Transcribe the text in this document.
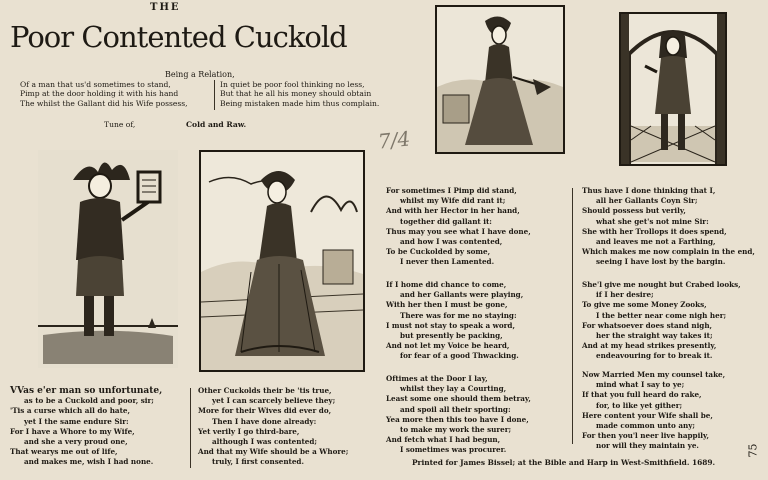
THE
Poor Contented Cuckold
Being a Relation,
Of a man that us'd sometimes to stand,
Pimp at the door holding it with his hand
The whilst the Gallant did his Wife possess,
In quiet be poor fool thinking no less,
But that he all his money should obtain
Being mistaken made him thus complain.
Tune of,	Cold and Raw.
7/4
For sometimes I Pimp did stand,
whilst my Wife did rant it;
And with her Hector in her hand,
together did gallant it:
Thus may you see what I have done,
and how I was contented,
To be Cuckolded by some,
I never then Lamented.
If I home did chance to come,
and her Gallants were playing,
With her then I must be gone,
There was for me no staying:
I must not stay to speak a word,
but presently be packing,
And not let my Voice be heard,
for fear of a good Thwacking.
Oftimes at the Door I lay,
whilst they lay a Courting,
Least some one should them betray,
and spoil all their sporting:
Yea more then this too have I done,
to make my work the surer;
And fetch what I had begun,
I sometimes was procurer.
Thus have I done thinking that I,
all her Gallants Coyn Sir;
Should possess but verily,
what she get's not mine Sir:
She with her Trollops it does spend,
and leaves me not a Farthing,
Which makes me now complain in the end,
seeing I have lost by the bargin.
She'l give me nought but Crabed looks,
if I her desire;
To give me some Money Zooks,
I the better near come nigh her;
For whatsoever does stand nigh,
her the straight way takes it;
And at my head strikes presently,
endeavouring for to break it.
Now Married Men my counsel take,
mind what I say to ye;
If that you full heard do rake,
for, to like yet gither;
Here content your Wife shall be,
made common unto any;
For then you'l neer live happily,
nor will they maintain ye.
VVas e'er man so unfortunate,
as to be a Cuckold and poor, sir;
'Tis a curse which all do hate,
yet I the same endure Sir:
For I have a Whore to my Wife,
and she a very proud one,
That wearys me out of life,
and makes me, wish I had none.
Other Cuckolds their be 'tis true,
yet I can scarcely believe they;
More for their Wives did ever do,
Then I have done already:
Yet verily I go third-bare,
although I was contented;
And that my Wife should be a Whore;
truly, I first consented.	Printed for James Bissel; at the Bible and Harp in West-Smithfield. 1689.
75
